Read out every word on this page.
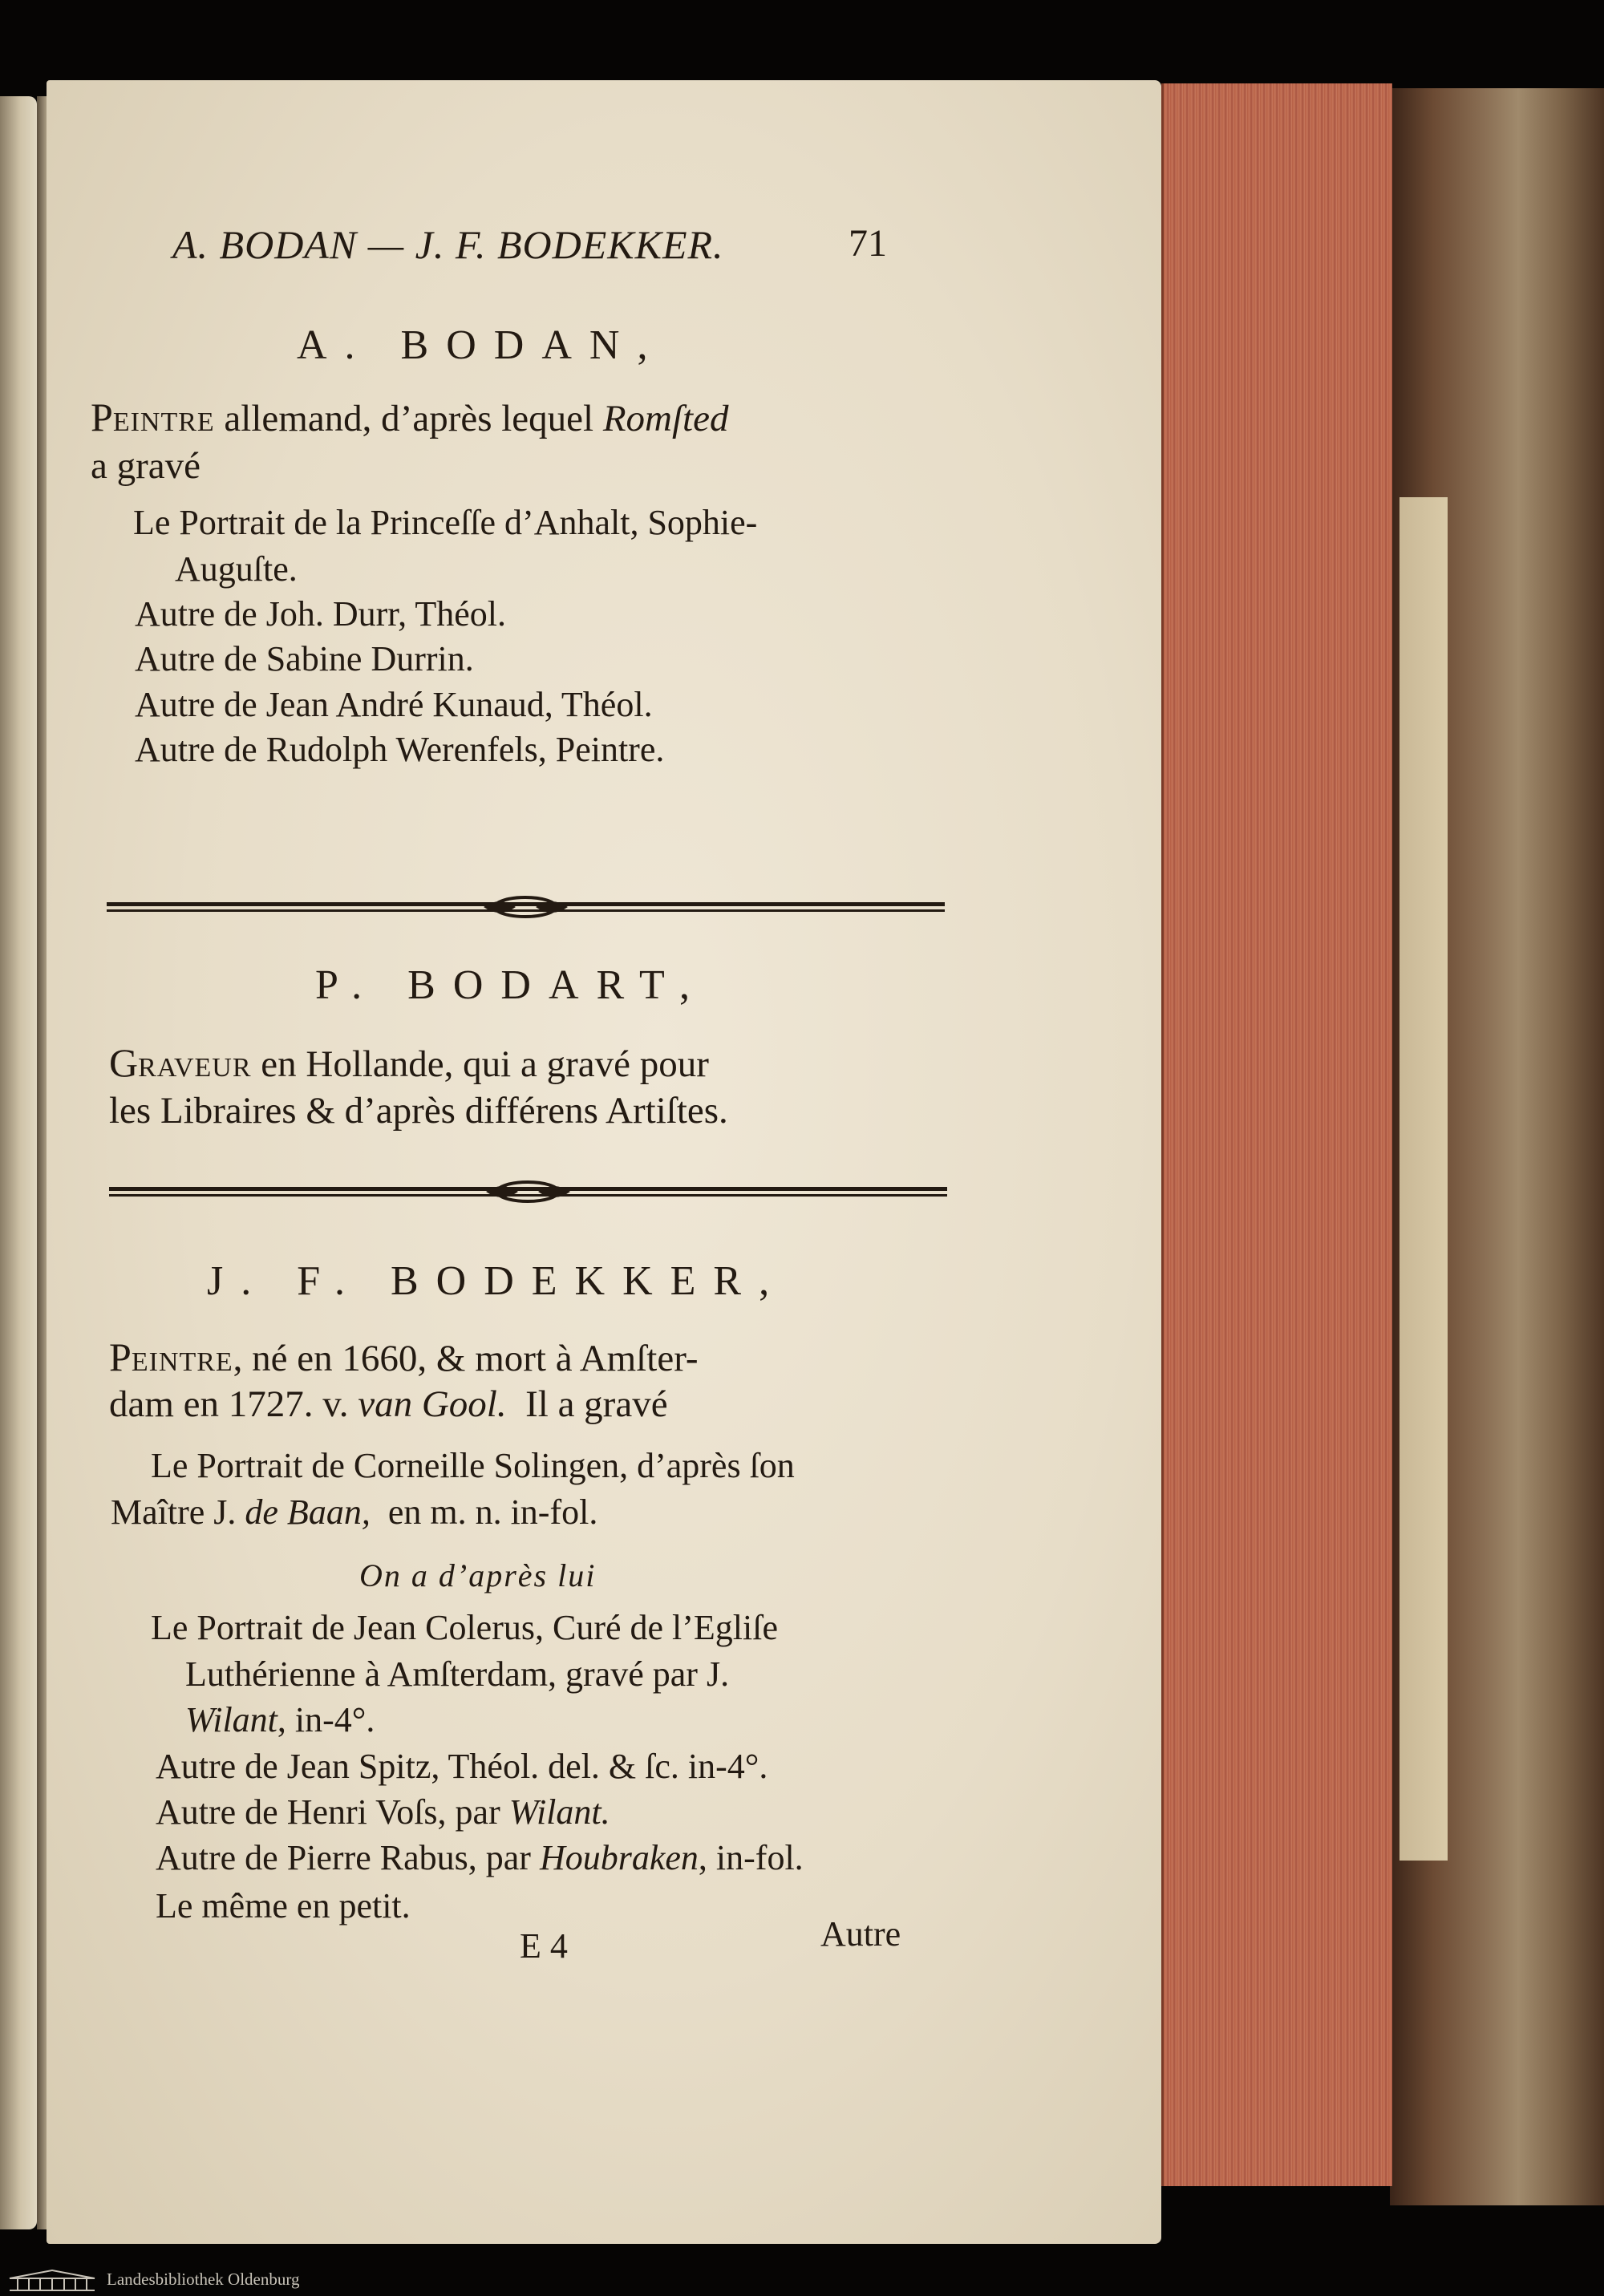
A. BODAN — J. F. BODEKKER.	71
A. BODAN,
PEINTRE allemand, d’après lequel Romſted
a gravé
Le Portrait de la Princeſſe d’Anhalt, Sophie-
Auguſte.
Autre de Joh. Durr, Théol.
Autre de Sabine Durrin.
Autre de Jean André Kunaud, Théol.
Autre de Rudolph Werenfels, Peintre.
P. BODART,
GRAVEUR en Hollande, qui a gravé pour
les Libraires & d’après différens Artiſtes.
J. F. BODEKKER,
PEINTRE, né en 1660, & mort à Amſter-
dam en 1727. v. van Gool. Il a gravé
Le Portrait de Corneille Solingen, d’après ſon
Maître J. de Baan, en m. n. in-fol.
On a d’après lui
Le Portrait de Jean Colerus, Curé de l’Egliſe
Luthérienne à Amſterdam, gravé par J.
Wilant, in-4°.
Autre de Jean Spitz, Théol. del. & ſc. in-4°.
Autre de Henri Voſs, par Wilant.
Autre de Pierre Rabus, par Houbraken, in-fol.
Le même en petit.
E 4	Autre
Landesbibliothek Oldenburg
